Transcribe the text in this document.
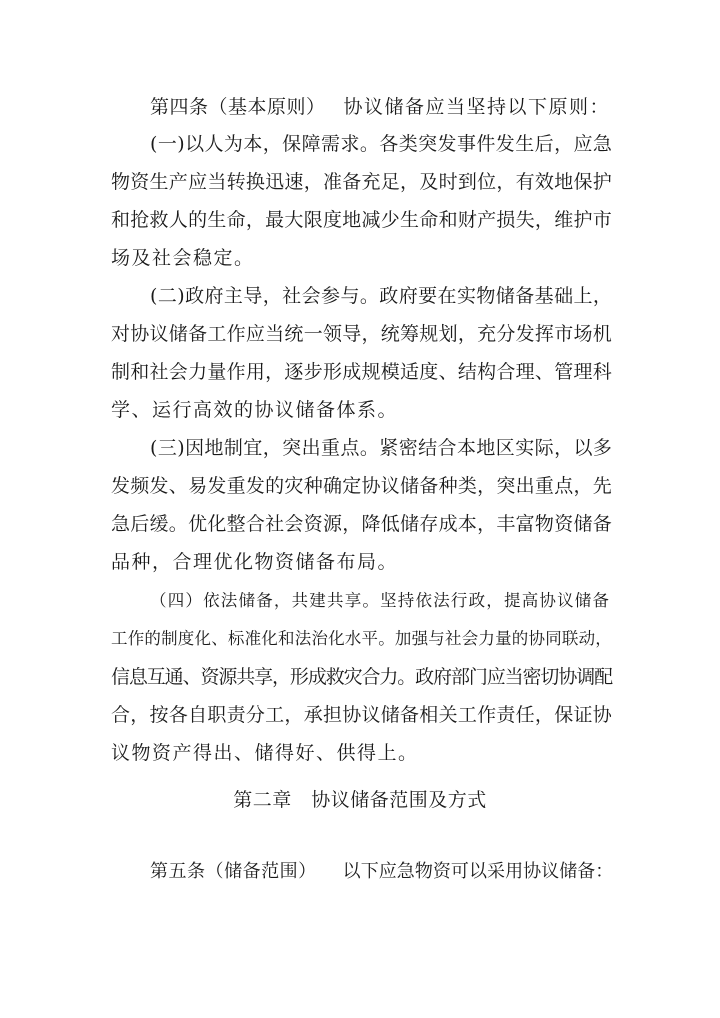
第四条（基本原则） 协议储备应当坚持以下原则：
(一)以人为本，保障需求。各类突发事件发生后，应急
物资生产应当转换迅速，准备充足，及时到位，有效地保护
和抢救人的生命，最大限度地减少生命和财产损失，维护市
场及社会稳定。
(二)政府主导，社会参与。政府要在实物储备基础上，
对协议储备工作应当统一领导，统筹规划，充分发挥市场机
制和社会力量作用，逐步形成规模适度、结构合理、管理科
学、运行高效的协议储备体系。
(三)因地制宜，突出重点。紧密结合本地区实际，以多
发频发、易发重发的灾种确定协议储备种类，突出重点，先
急后缓。优化整合社会资源，降低储存成本，丰富物资储备
品种，合理优化物资储备布局。
（四）依法储备，共建共享。坚持依法行政，提高协议储备
工作的制度化、标准化和法治化水平。加强与社会力量的协同联动，
信息互通、资源共享，形成救灾合力。政府部门应当密切协调配
合，按各自职责分工，承担协议储备相关工作责任，保证协
议物资产得出、储得好、供得上。
第二章　协议储备范围及方式
第五条（储备范围） 以下应急物资可以采用协议储备：
